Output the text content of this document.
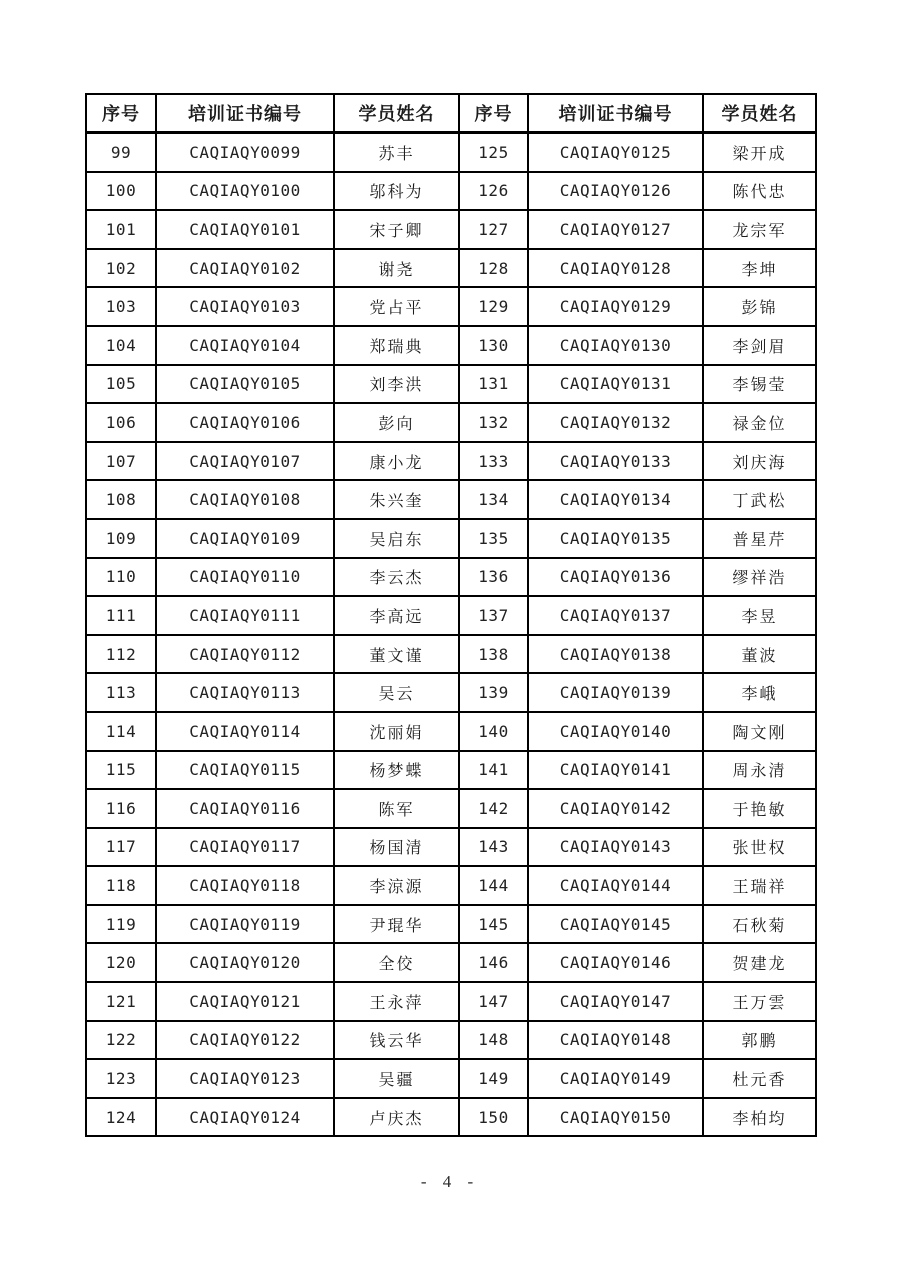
序号	培训证书编号	学员姓名	序号	培训证书编号	学员姓名
99	CAQIAQY0099	苏丰	125	CAQIAQY0125	梁开成
100	CAQIAQY0100	邬科为	126	CAQIAQY0126	陈代忠
101	CAQIAQY0101	宋子卿	127	CAQIAQY0127	龙宗军
102	CAQIAQY0102	谢尧	128	CAQIAQY0128	李坤
103	CAQIAQY0103	党占平	129	CAQIAQY0129	彭锦
104	CAQIAQY0104	郑瑞典	130	CAQIAQY0130	李剑眉
105	CAQIAQY0105	刘李洪	131	CAQIAQY0131	李锡莹
106	CAQIAQY0106	彭向	132	CAQIAQY0132	禄金位
107	CAQIAQY0107	康小龙	133	CAQIAQY0133	刘庆海
108	CAQIAQY0108	朱兴奎	134	CAQIAQY0134	丁武松
109	CAQIAQY0109	吴启东	135	CAQIAQY0135	普星芹
110	CAQIAQY0110	李云杰	136	CAQIAQY0136	缪祥浩
111	CAQIAQY0111	李高远	137	CAQIAQY0137	李昱
112	CAQIAQY0112	董文谨	138	CAQIAQY0138	董波
113	CAQIAQY0113	吴云	139	CAQIAQY0139	李峨
114	CAQIAQY0114	沈丽娟	140	CAQIAQY0140	陶文刚
115	CAQIAQY0115	杨梦蝶	141	CAQIAQY0141	周永清
116	CAQIAQY0116	陈军	142	CAQIAQY0142	于艳敏
117	CAQIAQY0117	杨国清	143	CAQIAQY0143	张世权
118	CAQIAQY0118	李涼源	144	CAQIAQY0144	王瑞祥
119	CAQIAQY0119	尹琨华	145	CAQIAQY0145	石秋菊
120	CAQIAQY0120	全佼	146	CAQIAQY0146	贺建龙
121	CAQIAQY0121	王永萍	147	CAQIAQY0147	王万雲
122	CAQIAQY0122	钱云华	148	CAQIAQY0148	郭鹏
123	CAQIAQY0123	吴疆	149	CAQIAQY0149	杜元香
124	CAQIAQY0124	卢庆杰	150	CAQIAQY0150	李柏均
- 4 -
